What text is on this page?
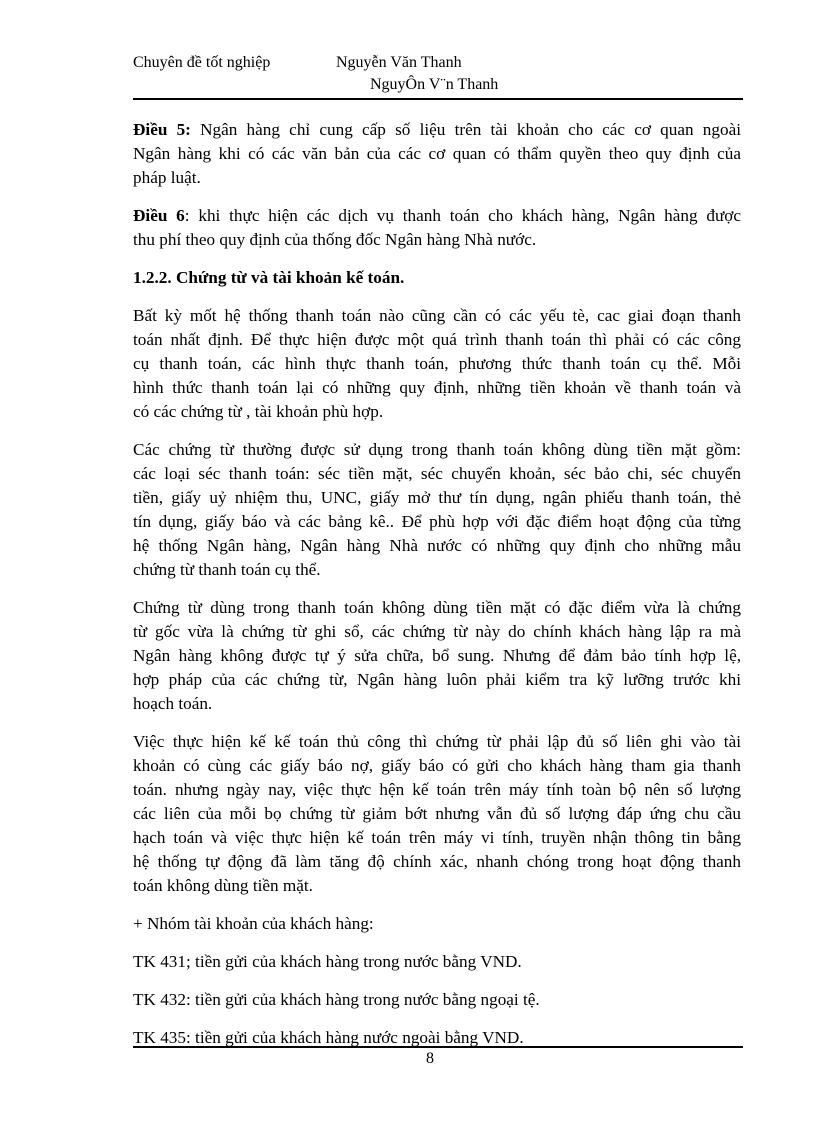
Chuyên đề tốt nghiệp	Nguyễn Văn Thanh
NguyÔn V¨n Thanh

Điều 5: Ngân hàng chỉ cung cấp số liệu trên tài khoản cho các cơ quan ngoài
Ngân hàng khi có các văn bản của các cơ quan có thẩm quyền theo quy định của
pháp luật.

Điều 6: khi thực hiện các dịch vụ thanh toán cho khách hàng, Ngân hàng được
thu phí theo quy định của thống đốc Ngân hàng Nhà nước.

1.2.2. Chứng từ và tài khoản kế toán.

Bất kỳ mốt hệ thống thanh toán nào cũng cần có các yếu tè, cac giai đoạn thanh
toán nhất định. Để thực hiện được một quá trình thanh toán thì phải có các công
cụ thanh toán, các hình thực thanh toán, phương thức thanh toán cụ thể. Mỗi
hình thức thanh toán lại có những quy định, những tiền khoản về thanh toán và
có các chứng từ , tài khoản phù hợp.

Các chứng từ thường được sử dụng trong thanh toán không dùng tiền mặt gồm:
các loại séc thanh toán: séc tiền mặt, séc chuyển khoản, séc bảo chi, séc chuyển
tiền, giấy uỷ nhiệm thu, UNC, giấy mở thư tín dụng, ngân phiếu thanh toán, thẻ
tín dụng, giấy báo và các bảng kê.. Để phù hợp với đặc điểm hoạt động của từng
hệ thống Ngân hàng, Ngân hàng Nhà nước có những quy định cho những mẫu
chứng từ thanh toán cụ thể.

Chứng từ dùng trong thanh toán không dùng tiền mặt có đặc điểm vừa là chứng
từ gốc vừa là chứng từ ghi sổ, các chứng từ này do chính khách hàng lập ra mà
Ngân hàng không được tự ý sửa chữa, bổ sung. Nhưng để đảm bảo tính hợp lệ,
hợp pháp của các chứng từ, Ngân hàng luôn phải kiểm tra kỹ lưỡng trước khi
hoạch toán.

Việc thực hiện kế kế toán thủ công thì chứng từ phải lập đủ số liên ghi vào tài
khoản có cùng các giấy báo nợ, giấy báo có gửi cho khách hàng tham gia thanh
toán. nhưng ngày nay, việc thực hện kế toán trên máy tính toàn bộ nên số lượng
các liên của mỗi bọ chứng từ giảm bớt nhưng vẫn đủ số lượng đáp ứng chu cầu
hạch toán và việc thực hiện kế toán trên máy vi tính, truyền nhận thông tin bằng
hệ thống tự động đã làm tăng độ chính xác, nhanh chóng trong hoạt động thanh
toán không dùng tiền mặt.

+ Nhóm tài khoản của khách hàng:

TK 431; tiền gửi của khách hàng trong nước bằng VND.

TK 432: tiền gửi của khách hàng trong nước bằng ngoại tệ.

TK 435: tiền gửi của khách hàng nước ngoài bằng VND.

8
